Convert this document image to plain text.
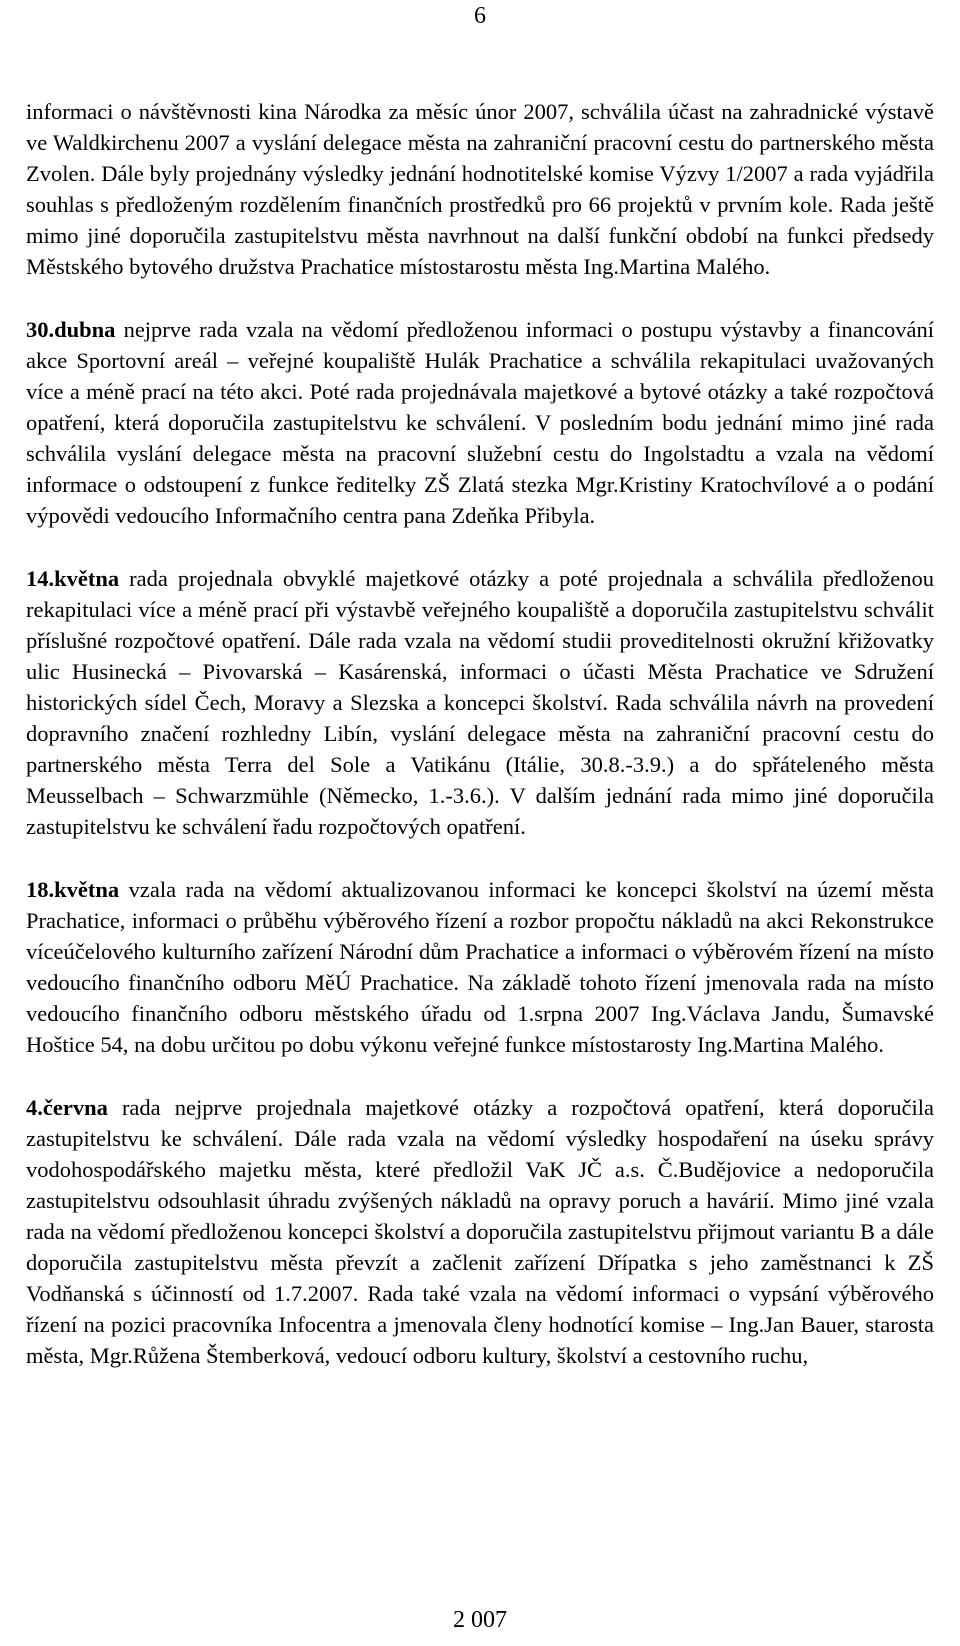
6

informaci o návštěvnosti kina Národka za měsíc únor 2007, schválila účast na zahradnické výstavě ve Waldkirchenu 2007 a vyslání delegace města na zahraniční pracovní cestu do partnerského města Zvolen. Dále byly projednány výsledky jednání hodnotitelské komise Výzvy 1/2007 a rada vyjádřila souhlas s předloženým rozdělením finančních prostředků pro 66 projektů v prvním kole. Rada ještě mimo jiné doporučila zastupitelstvu města navrhnout na další funkční období na funkci předsedy Městského bytového družstva Prachatice místostarostu města Ing.Martina Malého.

30.dubna nejprve rada vzala na vědomí předloženou informaci o postupu výstavby a financování akce Sportovní areál – veřejné koupaliště Hulák Prachatice a schválila rekapitulaci uvažovaných více a méně prací na této akci. Poté rada projednávala majetkové a bytové otázky a také rozpočtová opatření, která doporučila zastupitelstvu ke schválení. V posledním bodu jednání mimo jiné rada schválila vyslání delegace města na pracovní služební cestu do Ingolstadtu a vzala na vědomí informace o odstoupení z funkce ředitelky ZŠ Zlatá stezka Mgr.Kristiny Kratochvílové a o podání výpovědi vedoucího Informačního centra pana Zdeňka Přibyla.

14.května rada projednala obvyklé majetkové otázky a poté projednala a schválila předloženou rekapitulaci více a méně prací při výstavbě veřejného koupaliště a doporučila zastupitelstvu schválit příslušné rozpočtové opatření. Dále rada vzala na vědomí studii proveditelnosti okružní křižovatky ulic Husinecká – Pivovarská – Kasárenská, informaci o účasti Města Prachatice ve Sdružení historických sídel Čech, Moravy a Slezska a koncepci školství. Rada schválila návrh na provedení dopravního značení rozhledny Libín, vyslání delegace města na zahraniční pracovní cestu do partnerského města Terra del Sole a Vatikánu (Itálie, 30.8.-3.9.) a do spřáteleného města Meusselbach – Schwarzmühle (Německo, 1.-3.6.). V dalším jednání rada mimo jiné doporučila zastupitelstvu ke schválení řadu rozpočtových opatření.

18.května vzala rada na vědomí aktualizovanou informaci ke koncepci školství na území města Prachatice, informaci o průběhu výběrového řízení a rozbor propočtu nákladů na akci Rekonstrukce víceúčelového kulturního zařízení Národní dům Prachatice a informaci o výběrovém řízení na místo vedoucího finančního odboru MěÚ Prachatice. Na základě tohoto řízení jmenovala rada na místo vedoucího finančního odboru městského úřadu od 1.srpna 2007 Ing.Václava Jandu, Šumavské Hoštice 54, na dobu určitou po dobu výkonu veřejné funkce místostarosty Ing.Martina Malého.

4.června rada nejprve projednala majetkové otázky a rozpočtová opatření, která doporučila zastupitelstvu ke schválení. Dále rada vzala na vědomí výsledky hospodaření na úseku správy vodohospodářského majetku města, které předložil VaK JČ a.s. Č.Budějovice a nedoporučila zastupitelstvu odsouhlasit úhradu zvýšených nákladů na opravy poruch a havárií. Mimo jiné vzala rada na vědomí předloženou koncepci školství a doporučila zastupitelstvu přijmout variantu B a dále doporučila zastupitelstvu města převzít a začlenit zařízení Dřípatka s jeho zaměstnanci k ZŠ Vodňanská s účinností od 1.7.2007. Rada také vzala na vědomí informaci o vypsání výběrového řízení na pozici pracovníka Infocentra a jmenovala členy hodnotící komise – Ing.Jan Bauer, starosta města, Mgr.Růžena Štemberková, vedoucí odboru kultury, školství a cestovního ruchu,

2 007
